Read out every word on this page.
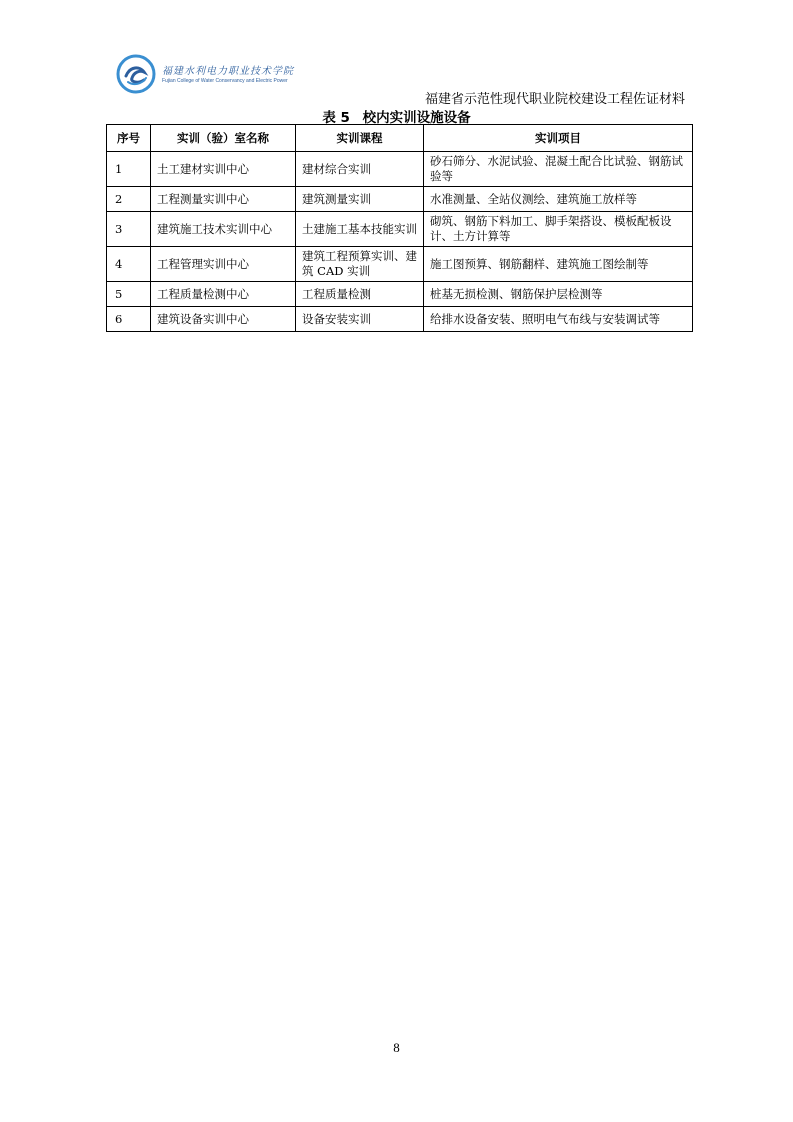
福建水利电力职业技术学院
Fujian College of Water Conservancy and Electric Power
福建省示范性现代职业院校建设工程佐证材料
表 5 校内实训设施设备
序号	实训（验）室名称	实训课程	实训项目
1	土工建材实训中心	建材综合实训	砂石筛分、水泥试验、混凝土配合比试验、钢筋试验等
2	工程测量实训中心	建筑测量实训	水准测量、全站仪测绘、建筑施工放样等
3	建筑施工技术实训中心	土建施工基本技能实训	砌筑、钢筋下料加工、脚手架搭设、模板配板设计、土方计算等
4	工程管理实训中心	建筑工程预算实训、建筑 CAD 实训	施工图预算、钢筋翻样、建筑施工图绘制等
5	工程质量检测中心	工程质量检测	桩基无损检测、钢筋保护层检测等
6	建筑设备实训中心	设备安装实训	给排水设备安装、照明电气布线与安装调试等
8
